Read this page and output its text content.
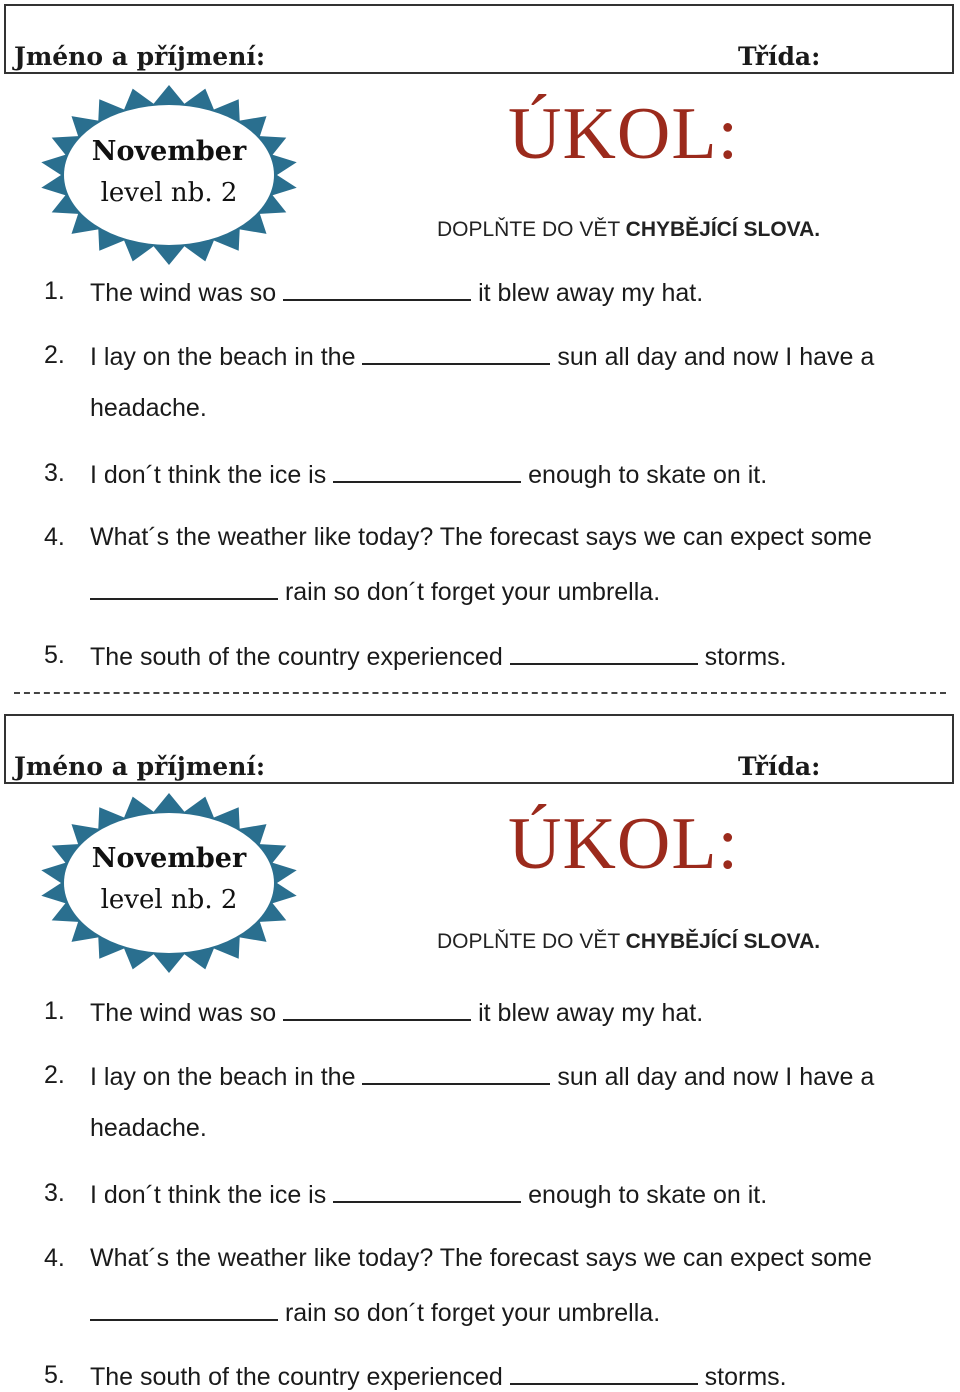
Jméno a příjmení:	Třída:
November
level nb. 2
ÚKOL:
DOPLŇTE DO VĚT CHYBĚJÍCÍ SLOVA.
1. The wind was so	it blew away my hat.
2. I lay on the beach in the	sun all day and now I have a
headache.
3. I don´t think the ice is	enough to skate on it.
4. What´s the weather like today? The forecast says we can expect some
rain so don´t forget your umbrella.
5. The south of the country experienced	storms.
Jméno a příjmení:	Třída:
November
level nb. 2
ÚKOL:
DOPLŇTE DO VĚT CHYBĚJÍCÍ SLOVA.
1. The wind was so	it blew away my hat.
2. I lay on the beach in the	sun all day and now I have a
headache.
3. I don´t think the ice is	enough to skate on it.
4. What´s the weather like today? The forecast says we can expect some
rain so don´t forget your umbrella.
5. The south of the country experienced	storms.
